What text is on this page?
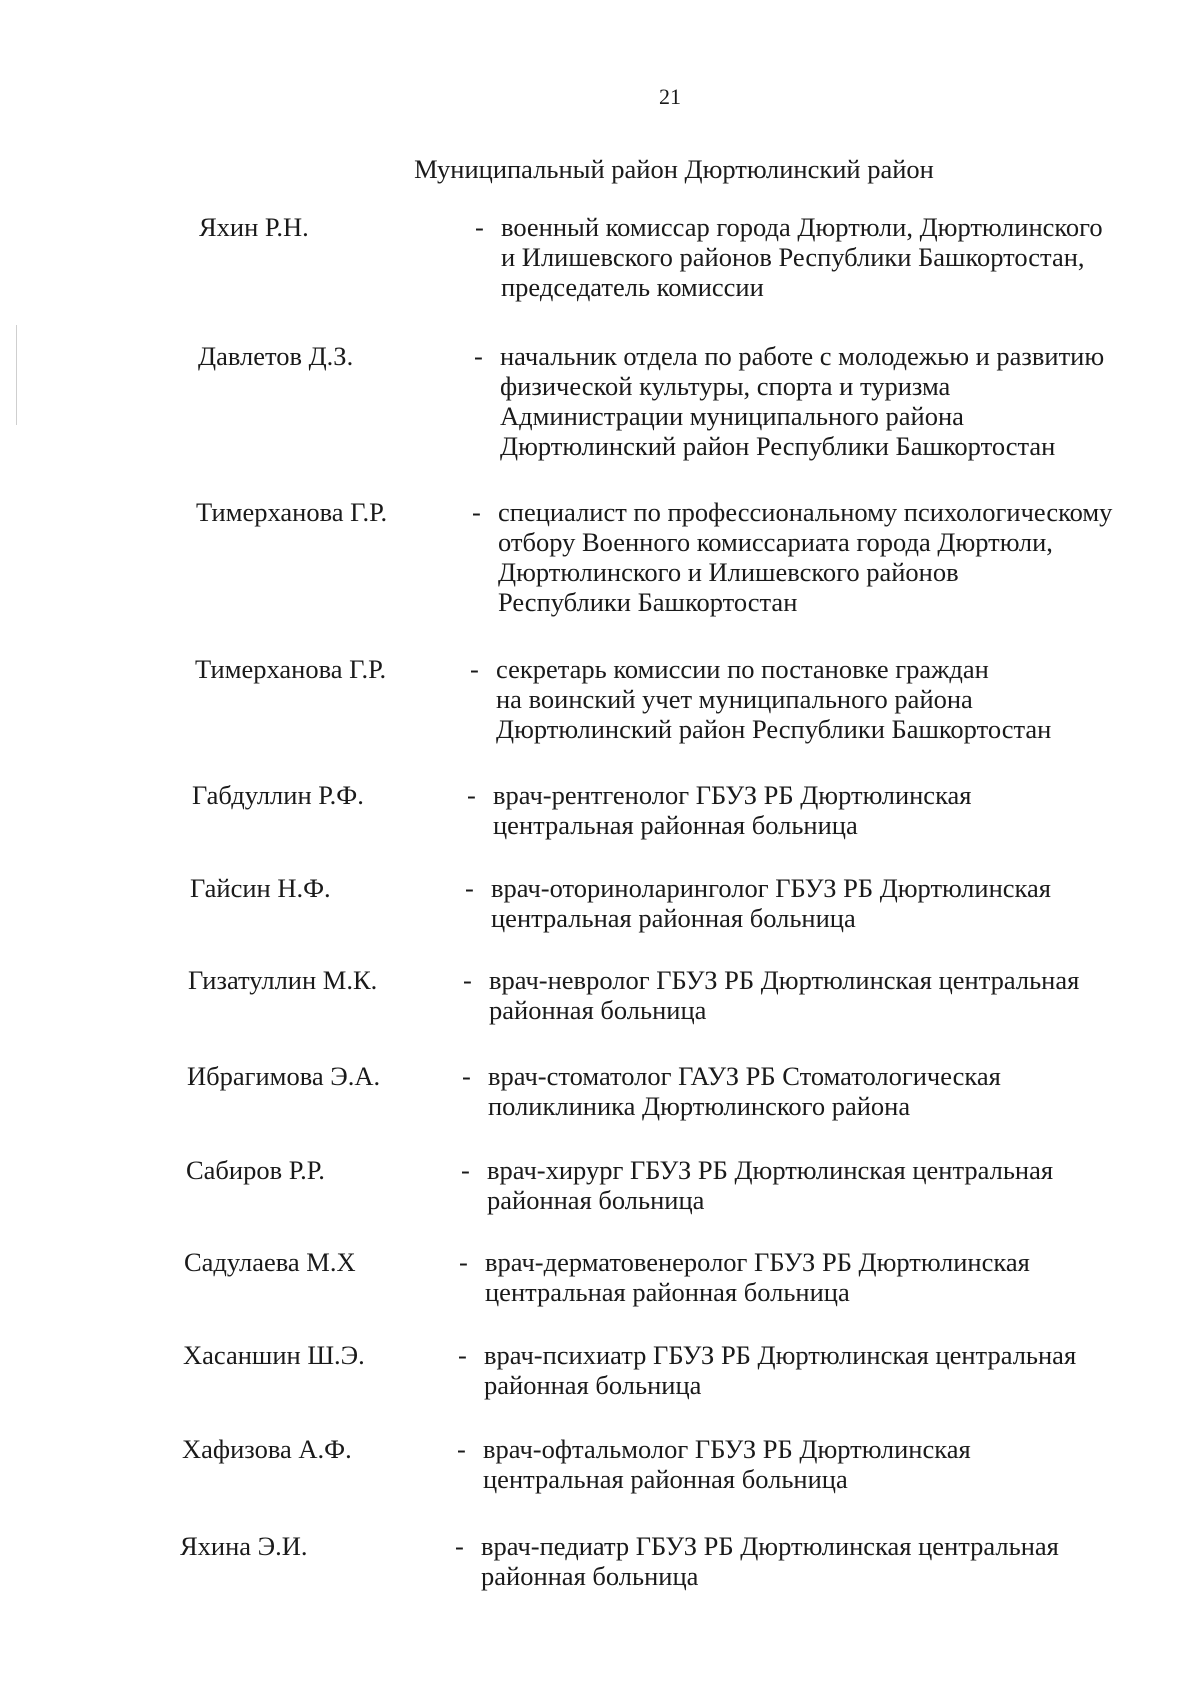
21
Муниципальный район Дюртюлинский район
Яхин Р.Н.	- военный комиссар города Дюртюли, Дюртюлинского
и Илишевского районов Республики Башкортостан,
председатель комиссии
Давлетов Д.З.	- начальник отдела по работе с молодежью и развитию
физической культуры, спорта и туризма
Администрации муниципального района
Дюртюлинский район Республики Башкортостан
Тимерханова Г.Р.	- специалист по профессиональному психологическому
отбору Военного комиссариата города Дюртюли,
Дюртюлинского и Илишевского районов
Республики Башкортостан
Тимерханова Г.Р.	- секретарь комиссии по постановке граждан
на воинский учет муниципального района
Дюртюлинский район Республики Башкортостан
Габдуллин Р.Ф.	- врач-рентгенолог ГБУЗ РБ Дюртюлинская
центральная районная больница
Гайсин Н.Ф.	- врач-оториноларинголог ГБУЗ РБ Дюртюлинская
центральная районная больница
Гизатуллин М.К.	- врач-невролог ГБУЗ РБ Дюртюлинская центральная
районная больница
Ибрагимова Э.А.	- врач-стоматолог ГАУЗ РБ Стоматологическая
поликлиника Дюртюлинского района
Сабиров Р.Р.	- врач-хирург ГБУЗ РБ Дюртюлинская центральная
районная больница
Садулаева М.Х	- врач-дерматовенеролог ГБУЗ РБ Дюртюлинская
центральная районная больница
Хасаншин Ш.Э.	- врач-психиатр ГБУЗ РБ Дюртюлинская центральная
районная больница
Хафизова А.Ф.	- врач-офтальмолог ГБУЗ РБ Дюртюлинская
центральная районная больница
Яхина Э.И.	- врач-педиатр ГБУЗ РБ Дюртюлинская центральная
районная больница
